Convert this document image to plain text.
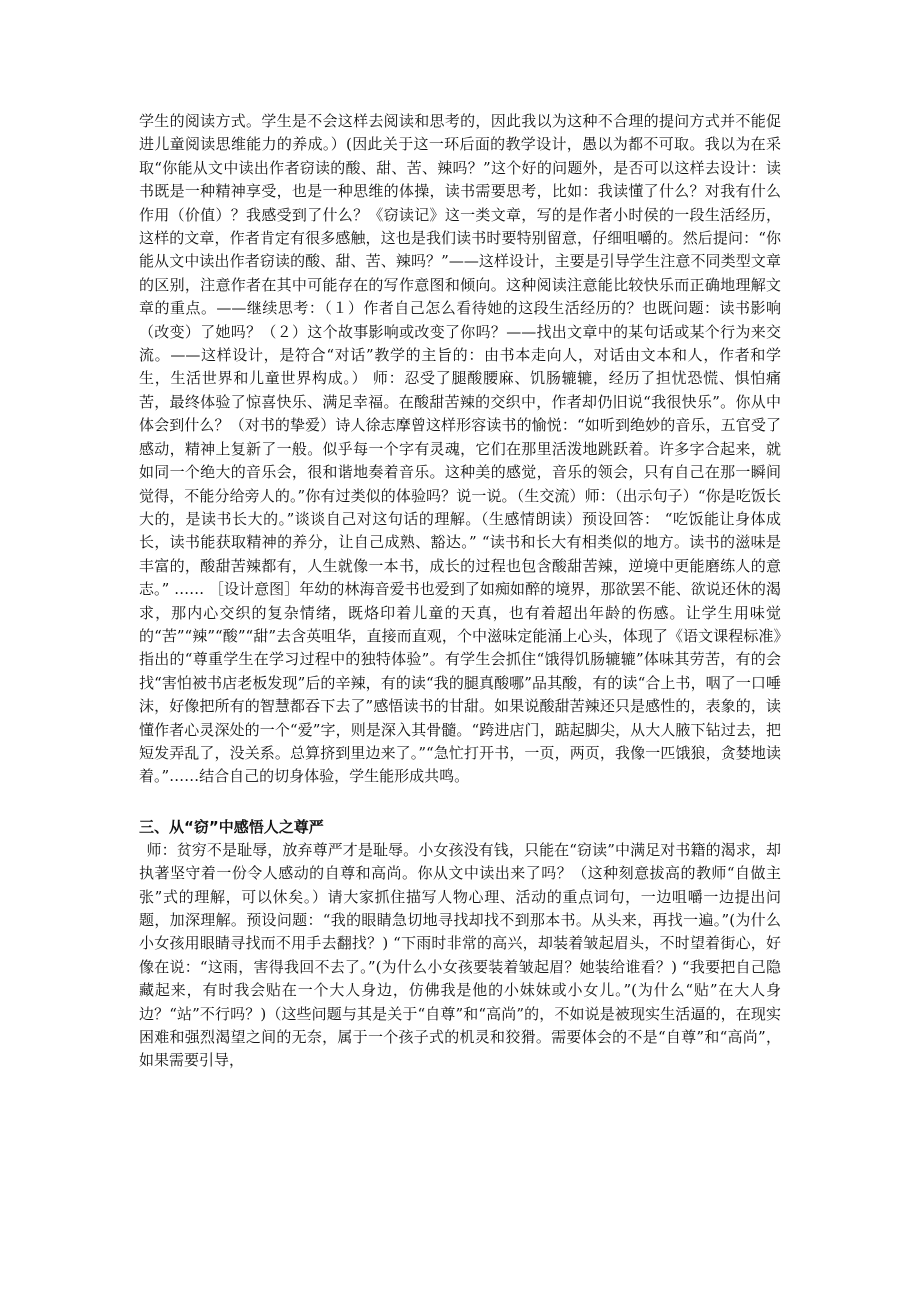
学生的阅读方式。学生是不会这样去阅读和思考的，因此我以为这种不合理的提问方式并不能促进儿童阅读思维能力的养成。）(因此关于这一环后面的教学设计，愚以为都不可取。我以为在采取“你能从文中读出作者窃读的酸、甜、苦、辣吗？”这个好的问题外，是否可以这样去设计：读书既是一种精神享受，也是一种思维的体操，读书需要思考，比如：我读懂了什么？对我有什么作用（价值）？我感受到了什么？《窃读记》这一类文章，写的是作者小时侯的一段生活经历，这样的文章，作者肯定有很多感触，这也是我们读书时要特别留意，仔细咀嚼的。然后提问：“你能从文中读出作者窃读的酸、甜、苦、辣吗？”——这样设计，主要是引导学生注意不同类型文章的区别，注意作者在其中可能存在的写作意图和倾向。这种阅读注意能比较快乐而正确地理解文章的重点。——继续思考：（１）作者自己怎么看待她的这段生活经历的？也既问题：读书影响（改变）了她吗？（２）这个故事影响或改变了你吗？——找出文章中的某句话或某个行为来交流。——这样设计，是符合“对话”教学的主旨的：由书本走向人，对话由文本和人，作者和学生，生活世界和儿童世界构成。） 师：忍受了腿酸腰麻、饥肠辘辘，经历了担忧恐慌、惧怕痛苦，最终体验了惊喜快乐、满足幸福。在酸甜苦辣的交织中，作者却仍旧说“我很快乐”。你从中体会到什么？（对书的挚爱）诗人徐志摩曾这样形容读书的愉悦：“如听到绝妙的音乐，五官受了感动，精神上复新了一般。似乎每一个字有灵魂，它们在那里活泼地跳跃着。许多字合起来，就如同一个绝大的音乐会，很和谐地奏着音乐。这种美的感觉，音乐的领会，只有自己在那一瞬间觉得，不能分给旁人的。”你有过类似的体验吗？说一说。（生交流）师：（出示句子）“你是吃饭长大的，是读书长大的。”谈谈自己对这句话的理解。（生感情朗读）预设回答： “吃饭能让身体成长，读书能获取精神的养分，让自己成熟、豁达。” “读书和长大有相类似的地方。读书的滋味是丰富的，酸甜苦辣都有，人生就像一本书，成长的过程也包含酸甜苦辣，逆境中更能磨练人的意志。” …… ［设计意图］年幼的林海音爱书也爱到了如痴如醉的境界，那欲罢不能、欲说还休的渴求，那内心交织的复杂情绪，既烙印着儿童的天真，也有着超出年龄的伤感。让学生用味觉的“苦”“辣”“酸”“甜”去含英咀华，直接而直观，个中滋味定能涌上心头，体现了《语文课程标准》指出的“尊重学生在学习过程中的独特体验”。有学生会抓住“饿得饥肠辘辘”体味其劳苦，有的会找“害怕被书店老板发现”后的辛辣，有的读“我的腿真酸哪”品其酸，有的读“合上书，咽了一口唾沫，好像把所有的智慧都吞下去了”感悟读书的甘甜。如果说酸甜苦辣还只是感性的，表象的，读懂作者心灵深处的一个“爱”字，则是深入其骨髓。“跨进店门，踮起脚尖，从大人腋下钻过去，把短发弄乱了，没关系。总算挤到里边来了。”“急忙打开书，一页，两页，我像一匹饿狼，贪婪地读着。”……结合自己的切身体验，学生能形成共鸣。

三、从“窃”中感悟人之尊严

师：贫穷不是耻辱，放弃尊严才是耻辱。小女孩没有钱，只能在“窃读”中满足对书籍的渴求，却执著坚守着一份令人感动的自尊和高尚。你从文中读出来了吗？（这种刻意拔高的教师“自做主张”式的理解，可以休矣。）请大家抓住描写人物心理、活动的重点词句，一边咀嚼一边提出问题，加深理解。预设问题：“我的眼睛急切地寻找却找不到那本书。从头来，再找一遍。”(为什么小女孩用眼睛寻找而不用手去翻找？) “下雨时非常的高兴，却装着皱起眉头，不时望着街心，好像在说：“这雨，害得我回不去了。”(为什么小女孩要装着皱起眉？她装给谁看？) “我要把自己隐藏起来，有时我会贴在一个大人身边，仿佛我是他的小妹妹或小女儿。”(为什么“贴”在大人身边？“站”不行吗？)（这些问题与其是关于“自尊”和“高尚”的，不如说是被现实生活逼的，在现实困难和强烈渴望之间的无奈，属于一个孩子式的机灵和狡猾。需要体会的不是“自尊”和“高尚”，如果需要引导，
